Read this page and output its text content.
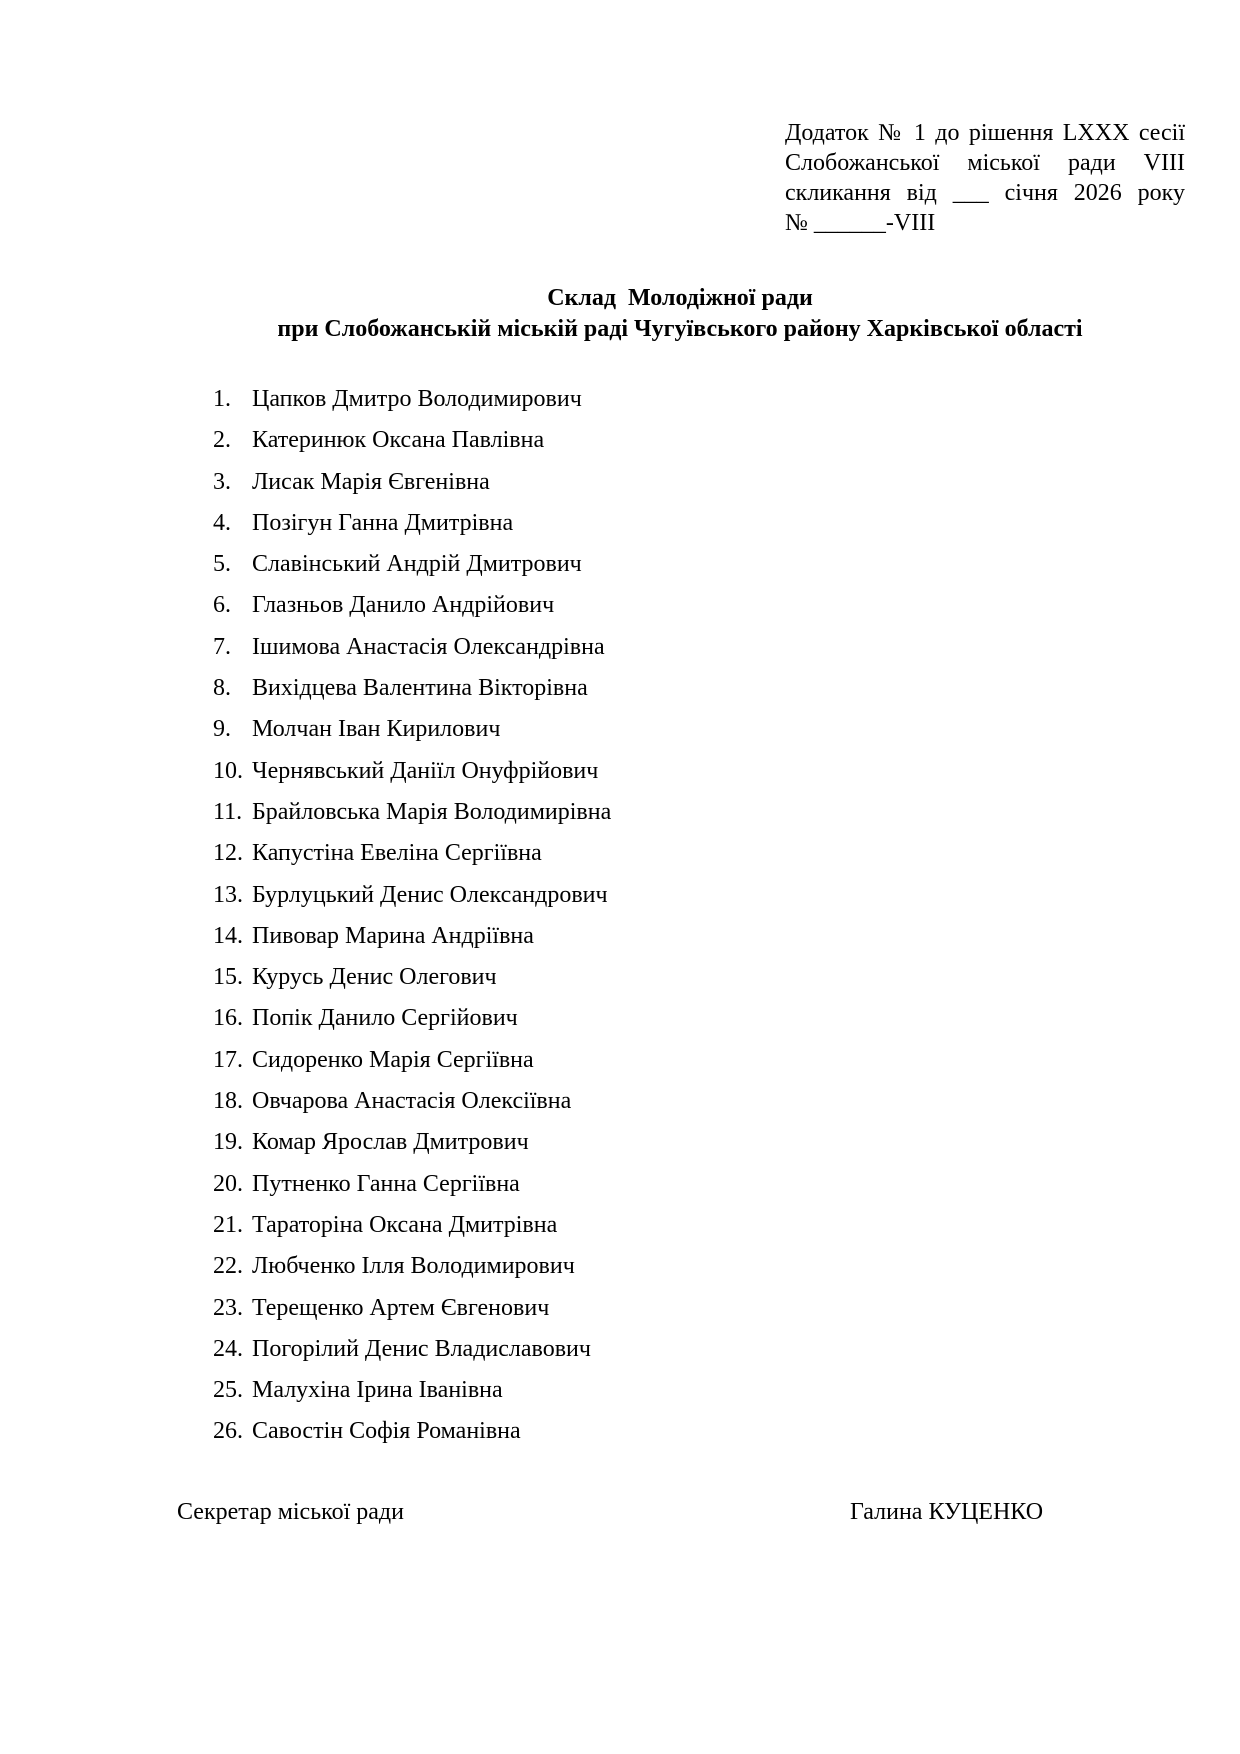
Додаток № 1 до рішення LXXX сесії
Слобожанської міської ради VIII
скликання від ___ січня 2026 року
№ ______-VIII
Склад  Молодіжної ради
при Слобожанській міській раді Чугуївського району Харківської області
1. Цапков Дмитро Володимирович
2. Катеринюк Оксана Павлівна
3. Лисак Марія Євгенівна
4. Позігун Ганна Дмитрівна
5. Славінський Андрій Дмитрович
6. Глазньов Данило Андрійович
7. Ішимова Анастасія Олександрівна
8. Вихідцева Валентина Вікторівна
9. Молчан Іван Кирилович
10. Чернявський Даніїл Онуфрійович
11. Брайловська Марія Володимирівна
12. Капустіна Евеліна Сергіївна
13. Бурлуцький Денис Олександрович
14. Пивовар Марина Андріївна
15. Курусь Денис Олегович
16. Попік Данило Сергійович
17. Сидоренко Марія Сергіївна
18. Овчарова Анастасія Олексіївна
19. Комар Ярослав Дмитрович
20. Путненко Ганна Сергіївна
21. Тараторіна Оксана Дмитрівна
22. Любченко Ілля Володимирович
23. Терещенко Артем Євгенович
24. Погорілий Денис Владиславович
25. Малухіна Ірина Іванівна
26. Савостін Софія Романівна
Секретар міської ради	Галина КУЦЕНКО
